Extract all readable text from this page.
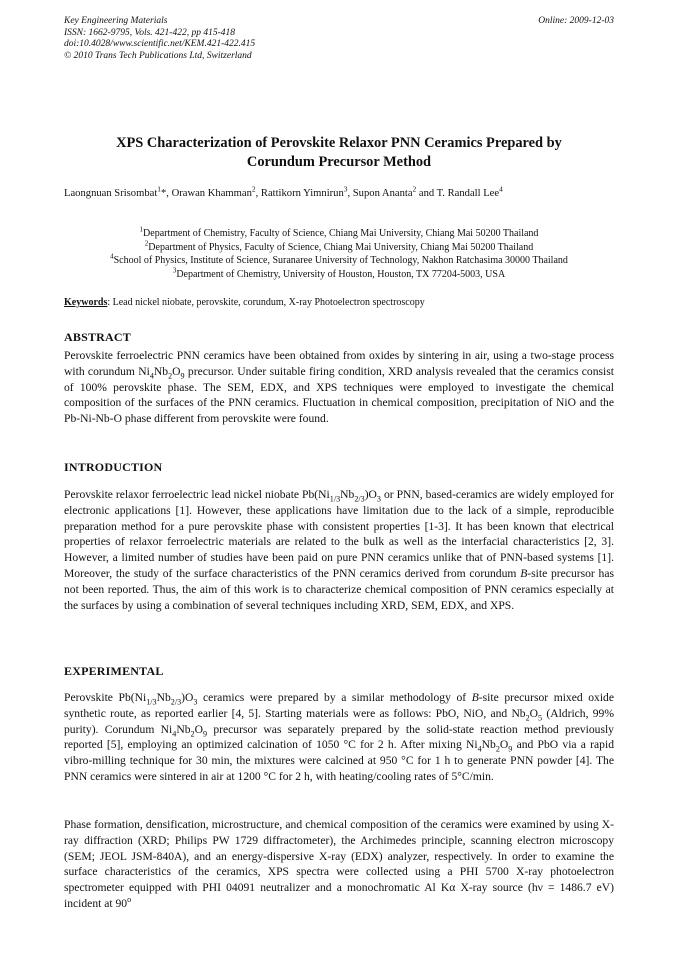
Key Engineering Materials
ISSN: 1662-9795, Vols. 421-422, pp 415-418
doi:10.4028/www.scientific.net/KEM.421-422.415
© 2010 Trans Tech Publications Ltd, Switzerland
Online: 2009-12-03
XPS Characterization of Perovskite Relaxor PNN Ceramics Prepared by
Corundum Precursor Method
Laongnuan Srisombat$^1$*, Orawan Khamman$^2$, Rattikorn Yimnirun$^3$, Supon Ananta$^2$ and T. Randall Lee$^4$
$^1$Department of Chemistry, Faculty of Science, Chiang Mai University, Chiang Mai 50200 Thailand
$^2$Department of Physics, Faculty of Science, Chiang Mai University, Chiang Mai 50200 Thailand
$^4$School of Physics, Institute of Science, Suranaree University of Technology, Nakhon Ratchasima 30000 Thailand
$^3$Department of Chemistry, University of Houston, Houston, TX 77204-5003, USA
Keywords: Lead nickel niobate, perovskite, corundum, X-ray Photoelectron spectroscopy
ABSTRACT

Perovskite ferroelectric PNN ceramics have been obtained from oxides by sintering in air, using a two-stage process with corundum $Ni_4Nb_2O_9$ precursor. Under suitable firing condition, XRD analysis revealed that the ceramics consist of 100% perovskite phase. The SEM, EDX, and XPS techniques were employed to investigate the chemical composition of the surfaces of the PNN ceramics. Fluctuation in chemical composition, precipitation of NiO and the Pb-Ni-Nb-O phase different from perovskite were found.

INTRODUCTION

Perovskite relaxor ferroelectric lead nickel niobate $Pb(Ni_{1/3}Nb_{2/3})O_3$ or PNN, based-ceramics are widely employed for electronic applications [1]. However, these applications have limitation due to the lack of a simple, reproducible preparation method for a pure perovskite phase with consistent properties [1-3]. It has been known that electrical properties of relaxor ferroelectric materials are related to the bulk as well as the interfacial characteristics [2, 3]. However, a limited number of studies have been paid on pure PNN ceramics unlike that of PNN-based systems [1]. Moreover, the study of the surface characteristics of the PNN ceramics derived from corundum B-site precursor has not been reported. Thus, the aim of this work is to characterize chemical composition of PNN ceramics especially at the surfaces by using a combination of several techniques including XRD, SEM, EDX, and XPS.

EXPERIMENTAL

Perovskite $Pb(Ni_{1/3}Nb_{2/3})O_3$ ceramics were prepared by a similar methodology of B-site precursor mixed oxide synthetic route, as reported earlier [4, 5]. Starting materials were as follows: PbO, NiO, and $Nb_2O_5$ (Aldrich, 99% purity). Corundum $Ni_4Nb_2O_9$ precursor was separately prepared by the solid-state reaction method previously reported [5], employing an optimized calcination of 1050 °C for 2 h. After mixing $Ni_4Nb_2O_9$ and PbO via a rapid vibro-milling technique for 30 min, the mixtures were calcined at 950 °C for 1 h to generate PNN powder [4]. The PNN ceramics were sintered in air at 1200 °C for 2 h, with heating/cooling rates of 5°C/min.

Phase formation, densification, microstructure, and chemical composition of the ceramics were examined by using X-ray diffraction (XRD; Philips PW 1729 diffractometer), the Archimedes principle, scanning electron microscopy (SEM; JEOL JSM-840A), and an energy-dispersive X-ray (EDX) analyzer, respectively. In order to examine the surface characteristics of the ceramics, XPS spectra were collected using a PHI 5700 X-ray photoelectron spectrometer equipped with PHI 04091 neutralizer and a monochromatic Al Kα X-ray source (hν = 1486.7 eV) incident at 90$^o$
